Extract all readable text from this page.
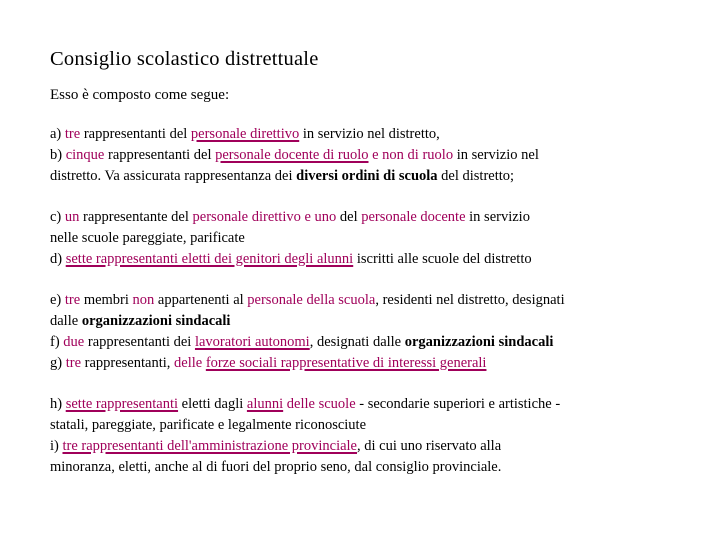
Consiglio scolastico distrettuale
Esso è composto come segue:
a) tre rappresentanti del personale direttivo in servizio nel distretto,
b) cinque rappresentanti del personale docente di ruolo e non di ruolo in servizio nel
distretto. Va assicurata rappresentanza dei diversi ordini di scuola del distretto;
c) un rappresentante del personale direttivo e uno del personale docente in servizio
nelle scuole pareggiate, parificate
d) sette rappresentanti eletti dei genitori degli alunni iscritti alle scuole del distretto
e) tre membri non appartenenti al personale della scuola, residenti nel distretto, designati
dalle organizzazioni sindacali
f) due rappresentanti dei lavoratori autonomi, designati dalle organizzazioni sindacali
g) tre rappresentanti, delle forze sociali rappresentative di interessi generali
h) sette rappresentanti eletti dagli alunni delle scuole - secondarie superiori e artistiche -
statali, pareggiate, parificate e legalmente riconosciute
i) tre rappresentanti dell'amministrazione provinciale, di cui uno riservato alla
minoranza, eletti, anche al di fuori del proprio seno, dal consiglio provinciale.
